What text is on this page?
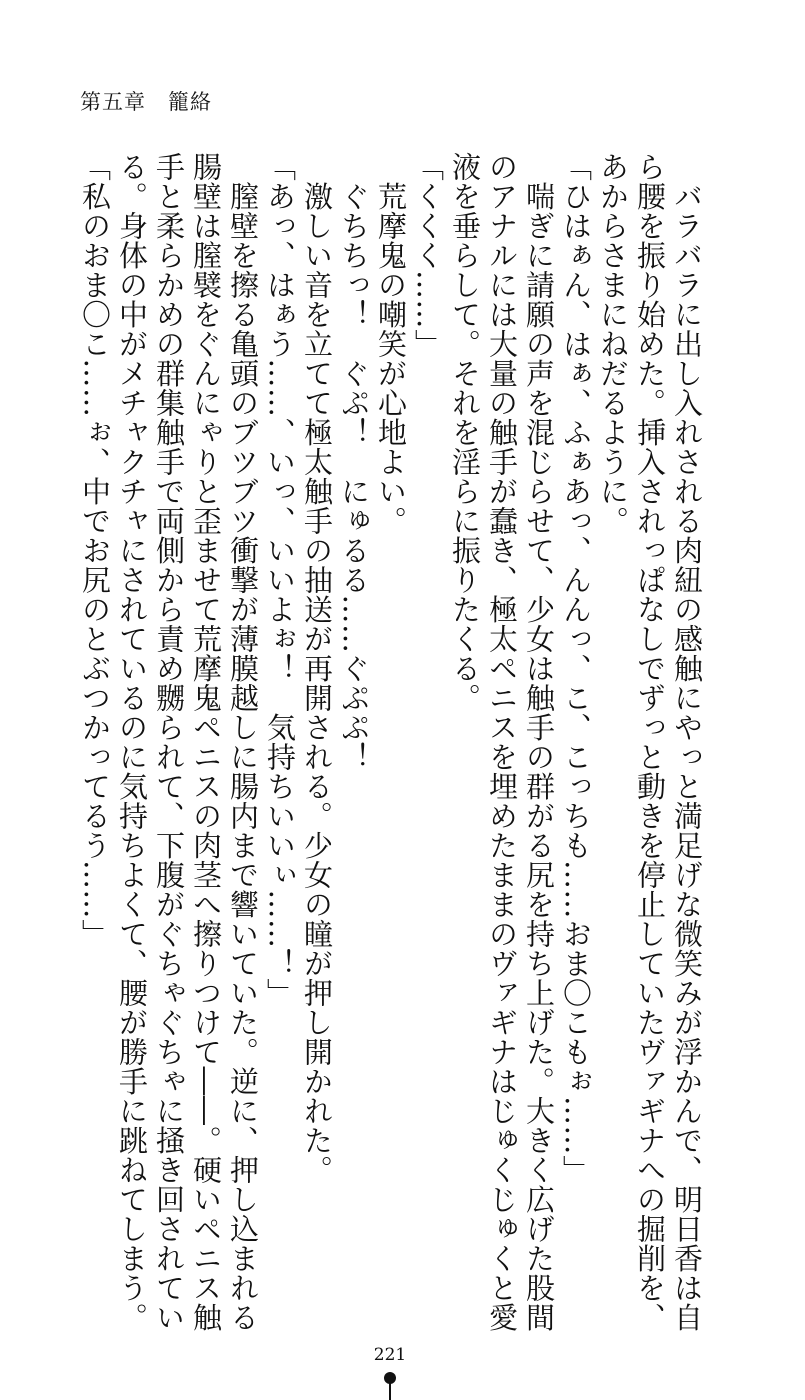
第五章　籠絡
　バラバラに出し入れされる肉紐の感触にやっと満足げな微笑みが浮かんで、明日香は自
ら腰を振り始めた。挿入されっぱなしでずっと動きを停止していたヴァギナへの掘削を、
あからさまにねだるように。
「ひはぁん、はぁ、ふぁあっ、んんっ、こ、こっちも……おま〇こもぉ……」
　喘ぎに請願の声を混じらせて、少女は触手の群がる尻を持ち上げた。大きく広げた股間
のアナルには大量の触手が蠢き、極太ペニスを埋めたままのヴァギナはじゅくじゅくと愛
液を垂らして。それを淫らに振りたくる。
「くくく……」
　荒摩鬼の嘲笑が心地よい。
　ぐちちっ！　ぐぷ！　にゅるる……ぐぷぷ！
　激しい音を立てて極太触手の抽送が再開される。少女の瞳が押し開かれた。
「あっ、はぁう……、いっ、いいよぉ！　気持ちいいぃ……！」
　膣壁を擦る亀頭のブツブツ衝撃が薄膜越しに腸内まで響いていた。逆に、押し込まれる
腸壁は膣襞をぐんにゃりと歪ませて荒摩鬼ペニスの肉茎へ擦りつけて――。硬いペニス触
手と柔らかめの群集触手で両側から責め嬲られて、下腹がぐちゃぐちゃに掻き回されてい
る。身体の中がメチャクチャにされているのに気持ちよくて、腰が勝手に跳ねてしまう。
「私のおま〇こ……ぉ、中でお尻のとぶつかってるう……」
221
